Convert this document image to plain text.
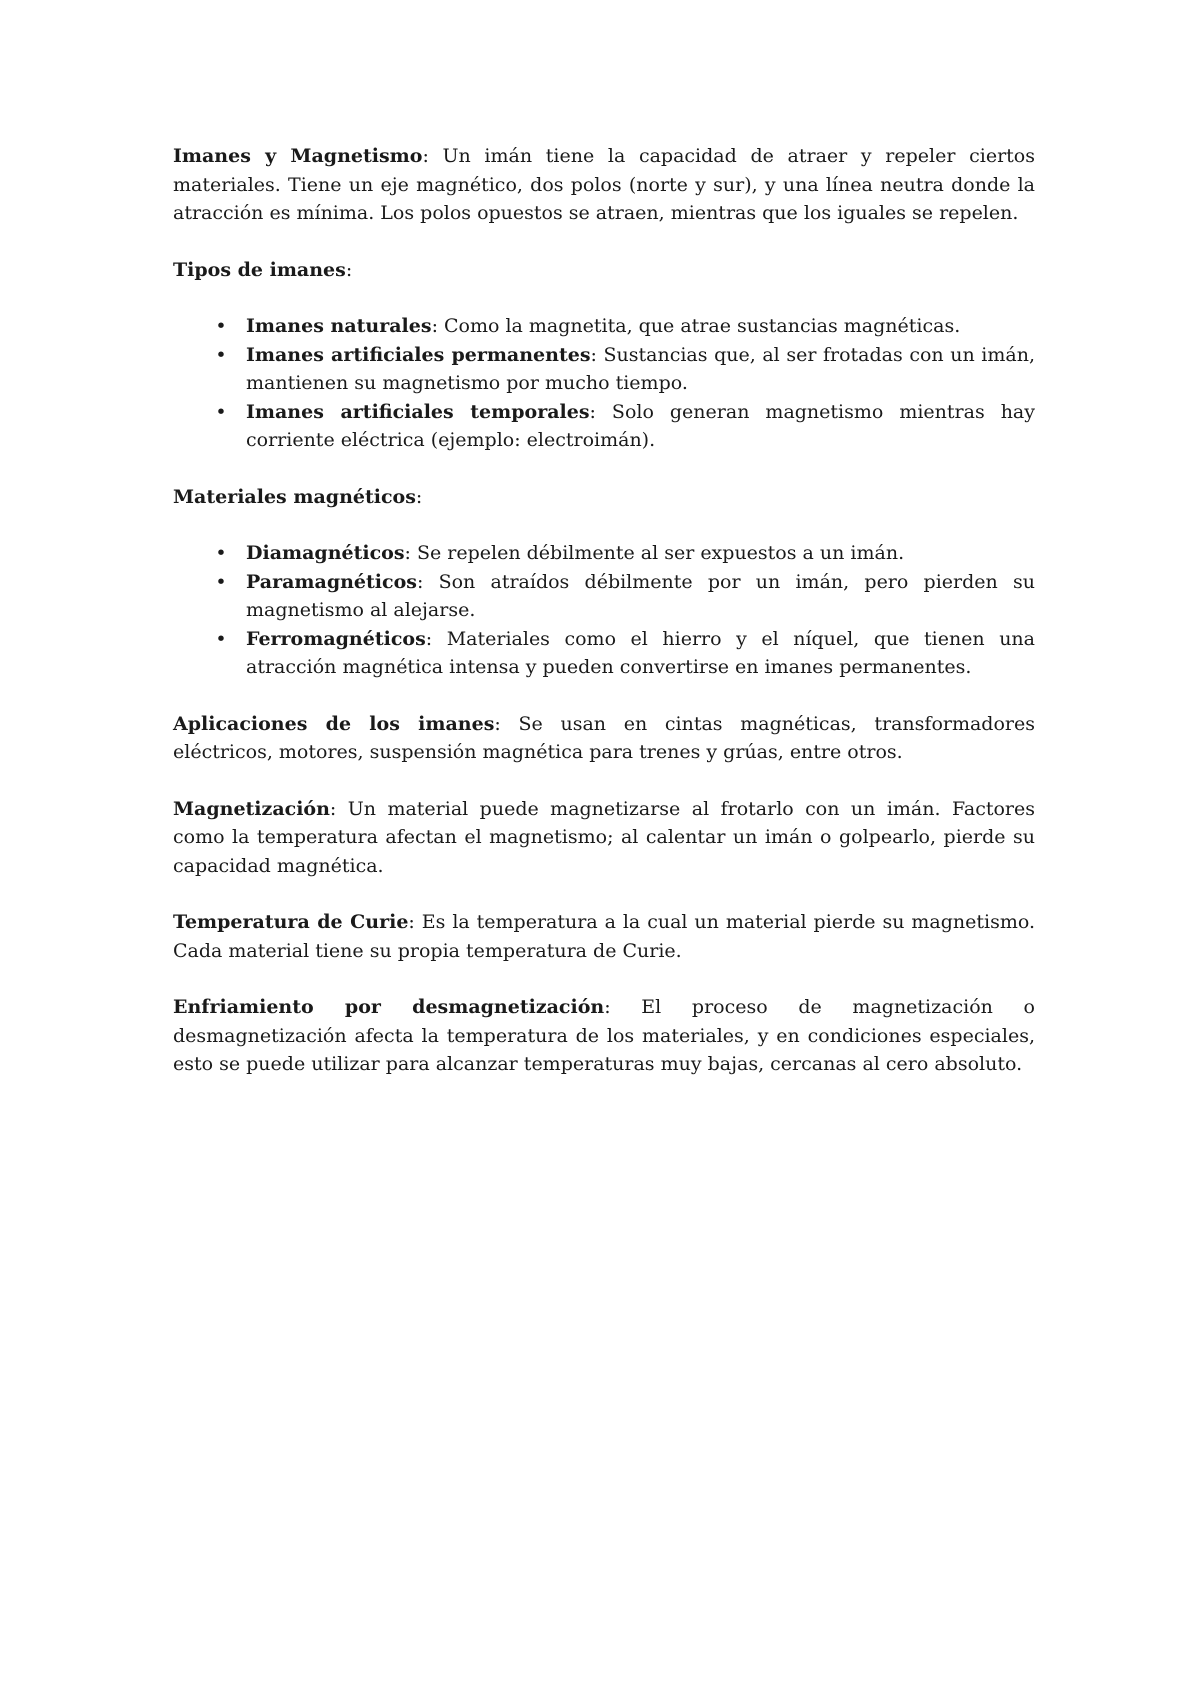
Imanes y Magnetismo: Un imán tiene la capacidad de atraer y repeler ciertos materiales. Tiene un eje magnético, dos polos (norte y sur), y una línea neutra donde la atracción es mínima. Los polos opuestos se atraen, mientras que los iguales se repelen.

Tipos de imanes:

• Imanes naturales: Como la magnetita, que atrae sustancias magnéticas.
• Imanes artificiales permanentes: Sustancias que, al ser frotadas con un imán, mantienen su magnetismo por mucho tiempo.
• Imanes artificiales temporales: Solo generan magnetismo mientras hay corriente eléctrica (ejemplo: electroimán).

Materiales magnéticos:

• Diamagnéticos: Se repelen débilmente al ser expuestos a un imán.
• Paramagnéticos: Son atraídos débilmente por un imán, pero pierden su magnetismo al alejarse.
• Ferromagnéticos: Materiales como el hierro y el níquel, que tienen una atracción magnética intensa y pueden convertirse en imanes permanentes.

Aplicaciones de los imanes: Se usan en cintas magnéticas, transformadores eléctricos, motores, suspensión magnética para trenes y grúas, entre otros.

Magnetización: Un material puede magnetizarse al frotarlo con un imán. Factores como la temperatura afectan el magnetismo; al calentar un imán o golpearlo, pierde su capacidad magnética.

Temperatura de Curie: Es la temperatura a la cual un material pierde su magnetismo. Cada material tiene su propia temperatura de Curie.

Enfriamiento por desmagnetización: El proceso de magnetización o desmagnetización afecta la temperatura de los materiales, y en condiciones especiales, esto se puede utilizar para alcanzar temperaturas muy bajas, cercanas al cero absoluto.
